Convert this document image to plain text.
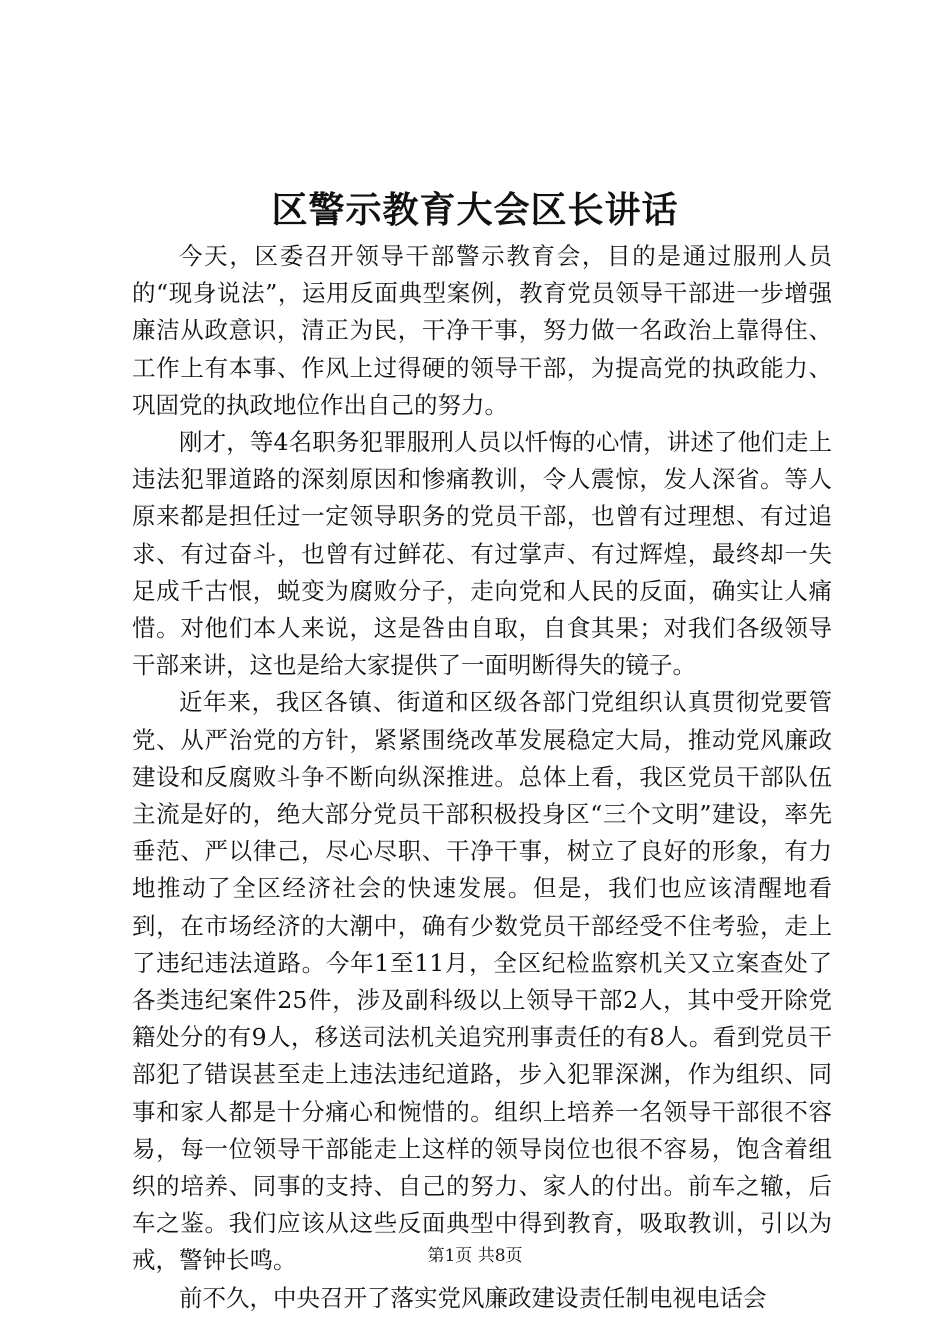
区警示教育大会区长讲话

今天，区委召开领导干部警示教育会，目的是通过服刑人员的“现身说法”，运用反面典型案例，教育党员领导干部进一步增强廉洁从政意识，清正为民，干净干事，努力做一名政治上靠得住、工作上有本事、作风上过得硬的领导干部，为提高党的执政能力、巩固党的执政地位作出自己的努力。

刚才，等4名职务犯罪服刑人员以忏悔的心情，讲述了他们走上违法犯罪道路的深刻原因和惨痛教训，令人震惊，发人深省。等人原来都是担任过一定领导职务的党员干部，也曾有过理想、有过追求、有过奋斗，也曾有过鲜花、有过掌声、有过辉煌，最终却一失足成千古恨，蜕变为腐败分子，走向党和人民的反面，确实让人痛惜。对他们本人来说，这是咎由自取，自食其果；对我们各级领导干部来讲，这也是给大家提供了一面明断得失的镜子。

近年来，我区各镇、街道和区级各部门党组织认真贯彻党要管党、从严治党的方针，紧紧围绕改革发展稳定大局，推动党风廉政建设和反腐败斗争不断向纵深推进。总体上看，我区党员干部队伍主流是好的，绝大部分党员干部积极投身区“三个文明”建设，率先垂范、严以律己，尽心尽职、干净干事，树立了良好的形象，有力地推动了全区经济社会的快速发展。但是，我们也应该清醒地看到，在市场经济的大潮中，确有少数党员干部经受不住考验，走上了违纪违法道路。今年1至11月，全区纪检监察机关又立案查处了各类违纪案件25件，涉及副科级以上领导干部2人，其中受开除党籍处分的有9人，移送司法机关追究刑事责任的有8人。看到党员干部犯了错误甚至走上违法违纪道路，步入犯罪深渊，作为组织、同事和家人都是十分痛心和惋惜的。组织上培养一名领导干部很不容易，每一位领导干部能走上这样的领导岗位也很不容易，饱含着组织的培养、同事的支持、自己的努力、家人的付出。前车之辙，后车之鉴。我们应该从这些反面典型中得到教育，吸取教训，引以为戒，警钟长鸣。

前不久，中央召开了落实党风廉政建设责任制电视电话会

第1页 共8页
